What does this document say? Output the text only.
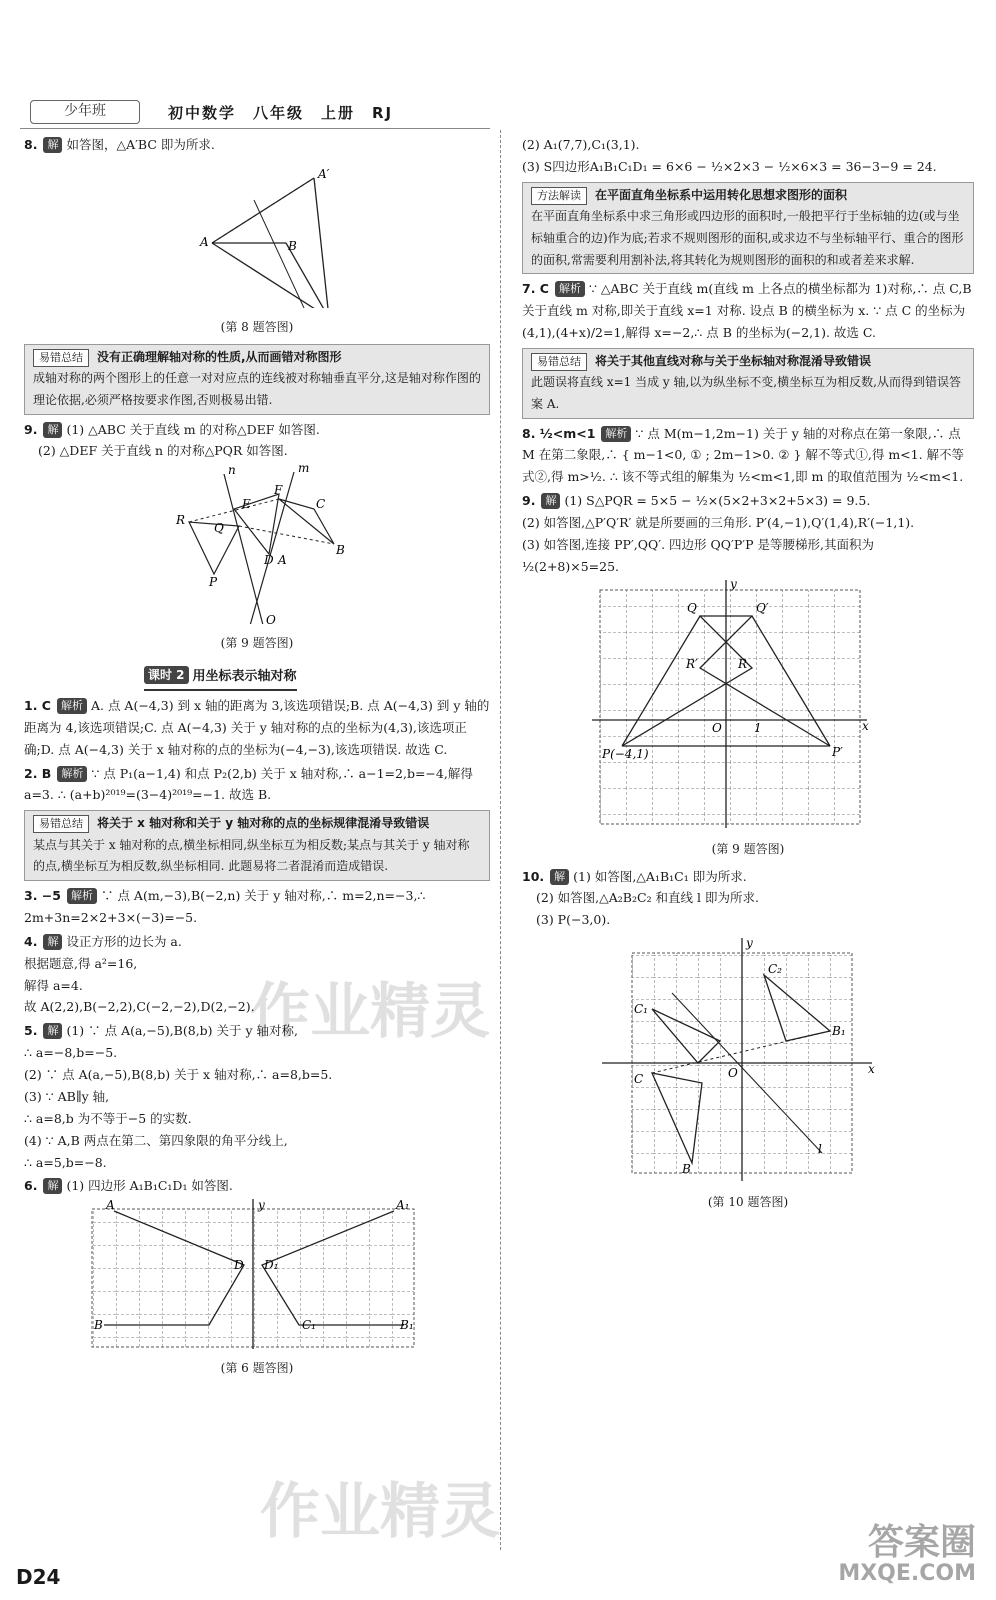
少年班	初中数学　八年级　上册　RJ
8. 解 如答图，△A′BC 即为所求.
A′
A	B
(第 8 题答图)
易错总结 没有正确理解轴对称的性质,从而画错对称图形
成轴对称的两个图形上的任意一对对应点的连线被对称轴垂直平分,这是轴对称作图的理论依据,必须严格按要求作图,否则极易出错.
9. 解 (1) △ABC 关于直线 m 的对称△DEF 如答图.
(2) △DEF 关于直线 n 的对称△PQR 如答图.
R
Q
P
n	m
E
F
C
B
D A
O
(第 9 题答图)
课时 2 用坐标表示轴对称
1. C 解析 A. 点 A(−4,3) 到 x 轴的距离为 3,该选项错误;B. 点 A(−4,3) 到 y 轴的距离为 4,该选项错误;C. 点 A(−4,3) 关于 y 轴对称的点的坐标为(4,3),该选项正确;D. 点 A(−4,3) 关于 x 轴对称的点的坐标为(−4,−3),该选项错误. 故选 C.
2. B 解析 ∵ 点 P₁(a−1,4) 和点 P₂(2,b) 关于 x 轴对称,∴ a−1=2,b=−4,解得 a=3. ∴ (a+b)²⁰¹⁹=(3−4)²⁰¹⁹=−1. 故选 B.
易错总结 将关于 x 轴对称和关于 y 轴对称的点的坐标规律混淆导致错误
某点与其关于 x 轴对称的点,横坐标相同,纵坐标互为相反数;某点与其关于 y 轴对称的点,横坐标互为相反数,纵坐标相同. 此题易将二者混淆而造成错误.
3. −5 解析 ∵ 点 A(m,−3),B(−2,n) 关于 y 轴对称,∴ m=2,n=−3,∴ 2m+3n=2×2+3×(−3)=−5.
4. 解 设正方形的边长为 a.
根据题意,得 a²=16,
解得 a=4.
故 A(2,2),B(−2,2),C(−2,−2),D(2,−2).
5. 解 (1) ∵ 点 A(a,−5),B(8,b) 关于 y 轴对称,
∴ a=−8,b=−5.
(2) ∵ 点 A(a,−5),B(8,b) 关于 x 轴对称,∴ a=8,b=5.
(3) ∵ AB∥y 轴,
∴ a=8,b 为不等于−5 的实数.
(4) ∵ A,B 两点在第二、第四象限的角平分线上,
∴ a=5,b=−8.
6. 解 (1) 四边形 A₁B₁C₁D₁ 如答图.
A	A₁
D D₁
B	B₁
C₁
y
(第 6 题答图)
(2) A₁(7,7),C₁(3,1).
(3) S四边形A₁B₁C₁D₁ = 6×6 − ½×2×3 − ½×6×3 = 36−3−9 = 24.
方法解读 在平面直角坐标系中运用转化思想求图形的面积
在平面直角坐标系中求三角形或四边形的面积时,一般把平行于坐标轴的边(或与坐标轴重合的边)作为底;若求不规则图形的面积,或求边不与坐标轴平行、重合的图形的面积,常需要利用割补法,将其转化为规则图形的面积的和或者差来求解.
7. C 解析 ∵ △ABC 关于直线 m(直线 m 上各点的横坐标都为 1)对称,∴ 点 C,B 关于直线 m 对称,即关于直线 x=1 对称. 设点 B 的横坐标为 x. ∵ 点 C 的坐标为(4,1),(4+x)/2=1,解得 x=−2,∴ 点 B 的坐标为(−2,1). 故选 C.
易错总结 将关于其他直线对称与关于坐标轴对称混淆导致错误
此题误将直线 x=1 当成 y 轴,以为纵坐标不变,横坐标互为相反数,从而得到错误答案 A.
8. ½<m<1 解析 ∵ 点 M(m−1,2m−1) 关于 y 轴的对称点在第一象限,∴ 点 M 在第二象限,∴ { m−1<0, ① ; 2m−1>0. ② } 解不等式①,得 m<1. 解不等式②,得 m>½. ∴ 该不等式组的解集为 ½<m<1,即 m 的取值范围为 ½<m<1.
9. 解 (1) S△PQR = 5×5 − ½×(5×2+3×2+5×3) = 9.5.
(2) 如答图,△P′Q′R′ 就是所要画的三角形. P′(4,−1),Q′(1,4),R′(−1,1).
(3) 如答图,连接 PP′,QQ′. 四边形 QQ′P′P 是等腰梯形,其面积为 ½(2+8)×5=25.
Q	Q′
R′	R
O	1
P(−4,1)	P′
y
x
(第 9 题答图)
10. 解 (1) 如答图,△A₁B₁C₁ 即为所求.
(2) 如答图,△A₂B₂C₂ 和直线 l 即为所求.
(3) P(−3,0).
y
x
C₂
B₁
C₁
C
B
l
O
(第 10 题答图)
作业精灵
作业精灵
D24
答案圈
MXQE.COM
